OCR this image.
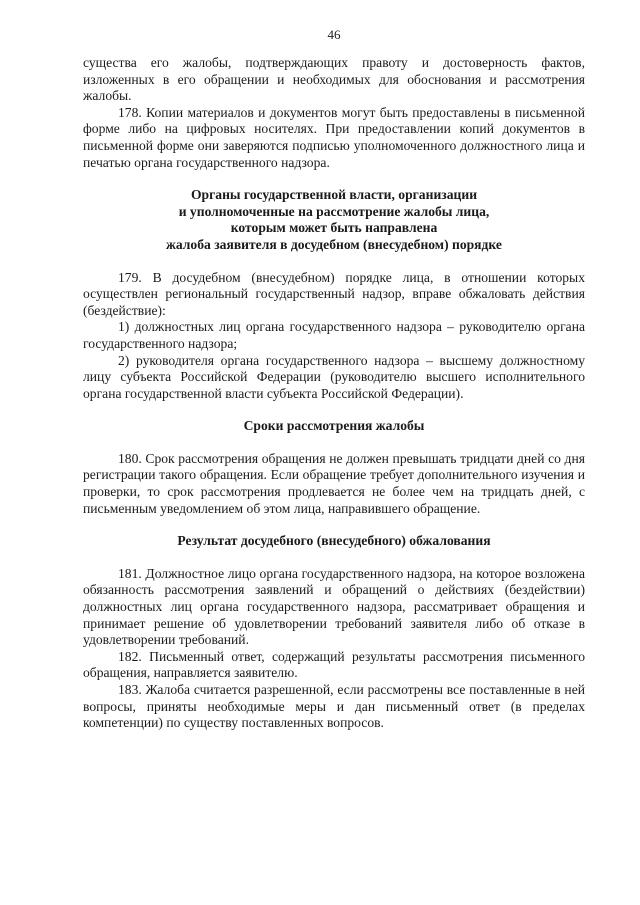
46

существа его жалобы, подтверждающих правоту и достоверность фактов, изложенных в его обращении и необходимых для обоснования и рассмотрения жалобы.

178. Копии материалов и документов могут быть предоставлены в письменной форме либо на цифровых носителях. При предоставлении копий документов в письменной форме они заверяются подписью уполномоченного должностного лица и печатью органа государственного надзора.

Органы государственной власти, организации
и уполномоченные на рассмотрение жалобы лица,
которым может быть направлена
жалоба заявителя в досудебном (внесудебном) порядке

179. В досудебном (внесудебном) порядке лица, в отношении которых осуществлен региональный государственный надзор, вправе обжаловать действия (бездействие):

1) должностных лиц органа государственного надзора – руководителю органа государственного надзора;

2) руководителя органа государственного надзора – высшему должностному лицу субъекта Российской Федерации (руководителю высшего исполнительного органа государственной власти субъекта Российской Федерации).

Сроки рассмотрения жалобы

180. Срок рассмотрения обращения не должен превышать тридцати дней со дня регистрации такого обращения. Если обращение требует дополнительного изучения и проверки, то срок рассмотрения продлевается не более чем на тридцать дней, с письменным уведомлением об этом лица, направившего обращение.

Результат досудебного (внесудебного) обжалования

181. Должностное лицо органа государственного надзора, на которое возложена обязанность рассмотрения заявлений и обращений о действиях (бездействии) должностных лиц органа государственного надзора, рассматривает обращения и принимает решение об удовлетворении требований заявителя либо об отказе в удовлетворении требований.

182. Письменный ответ, содержащий результаты рассмотрения письменного обращения, направляется заявителю.

183. Жалоба считается разрешенной, если рассмотрены все поставленные в ней вопросы, приняты необходимые меры и дан письменный ответ (в пределах компетенции) по существу поставленных вопросов.
